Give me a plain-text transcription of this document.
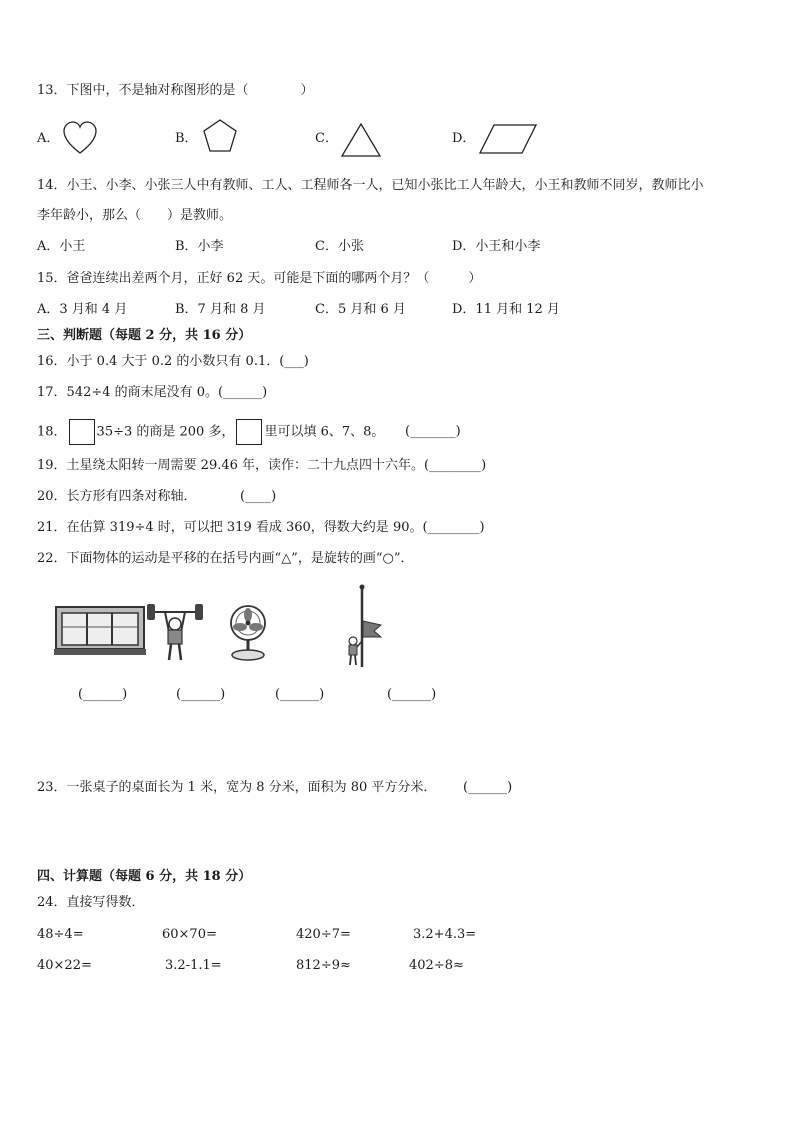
13．下图中，不是轴对称图形的是（　　　　）
A．	B．	C．	D．
14．小王、小李、小张三人中有教师、工人、工程师各一人，已知小张比工人年龄大，小王和教师不同岁，教师比小
李年龄小，那么（　　）是教师。
A．小王	B．小李	C．小张	D．小王和小李
15．爸爸连续出差两个月，正好 62 天。可能是下面的哪两个月？（　　　）
A．3 月和 4 月	B．7 月和 8 月	C．5 月和 6 月	D．11 月和 12 月
三、判断题（每题 2 分，共 16 分）
16．小于 0.4 大于 0.2 的小数只有 0.1．(___)
17．542÷4 的商末尾没有 0。(______)
18． 35÷3 的商是 200 多， 里可以填 6、7、8。 (_______)
19．土星绕太阳转一周需要 29.46 年，读作：二十九点四十六年。(________)
20．长方形有四条对称轴．	(____)
21．在估算 319÷4 时，可以把 319 看成 360，得数大约是 90。(________)
22．下面物体的运动是平移的在括号内画“△”，是旋转的画“○”．
(______)	(______)	(______)	(______)
23．一张桌子的桌面长为 1 米，宽为 8 分米，面积为 80 平方分米． (______)
四、计算题（每题 6 分，共 18 分）
24．直接写得数．
48÷4=	60×70=	420÷7=	3.2+4.3=
40×22=	3.2-1.1=	812÷9≈	402÷8≈
